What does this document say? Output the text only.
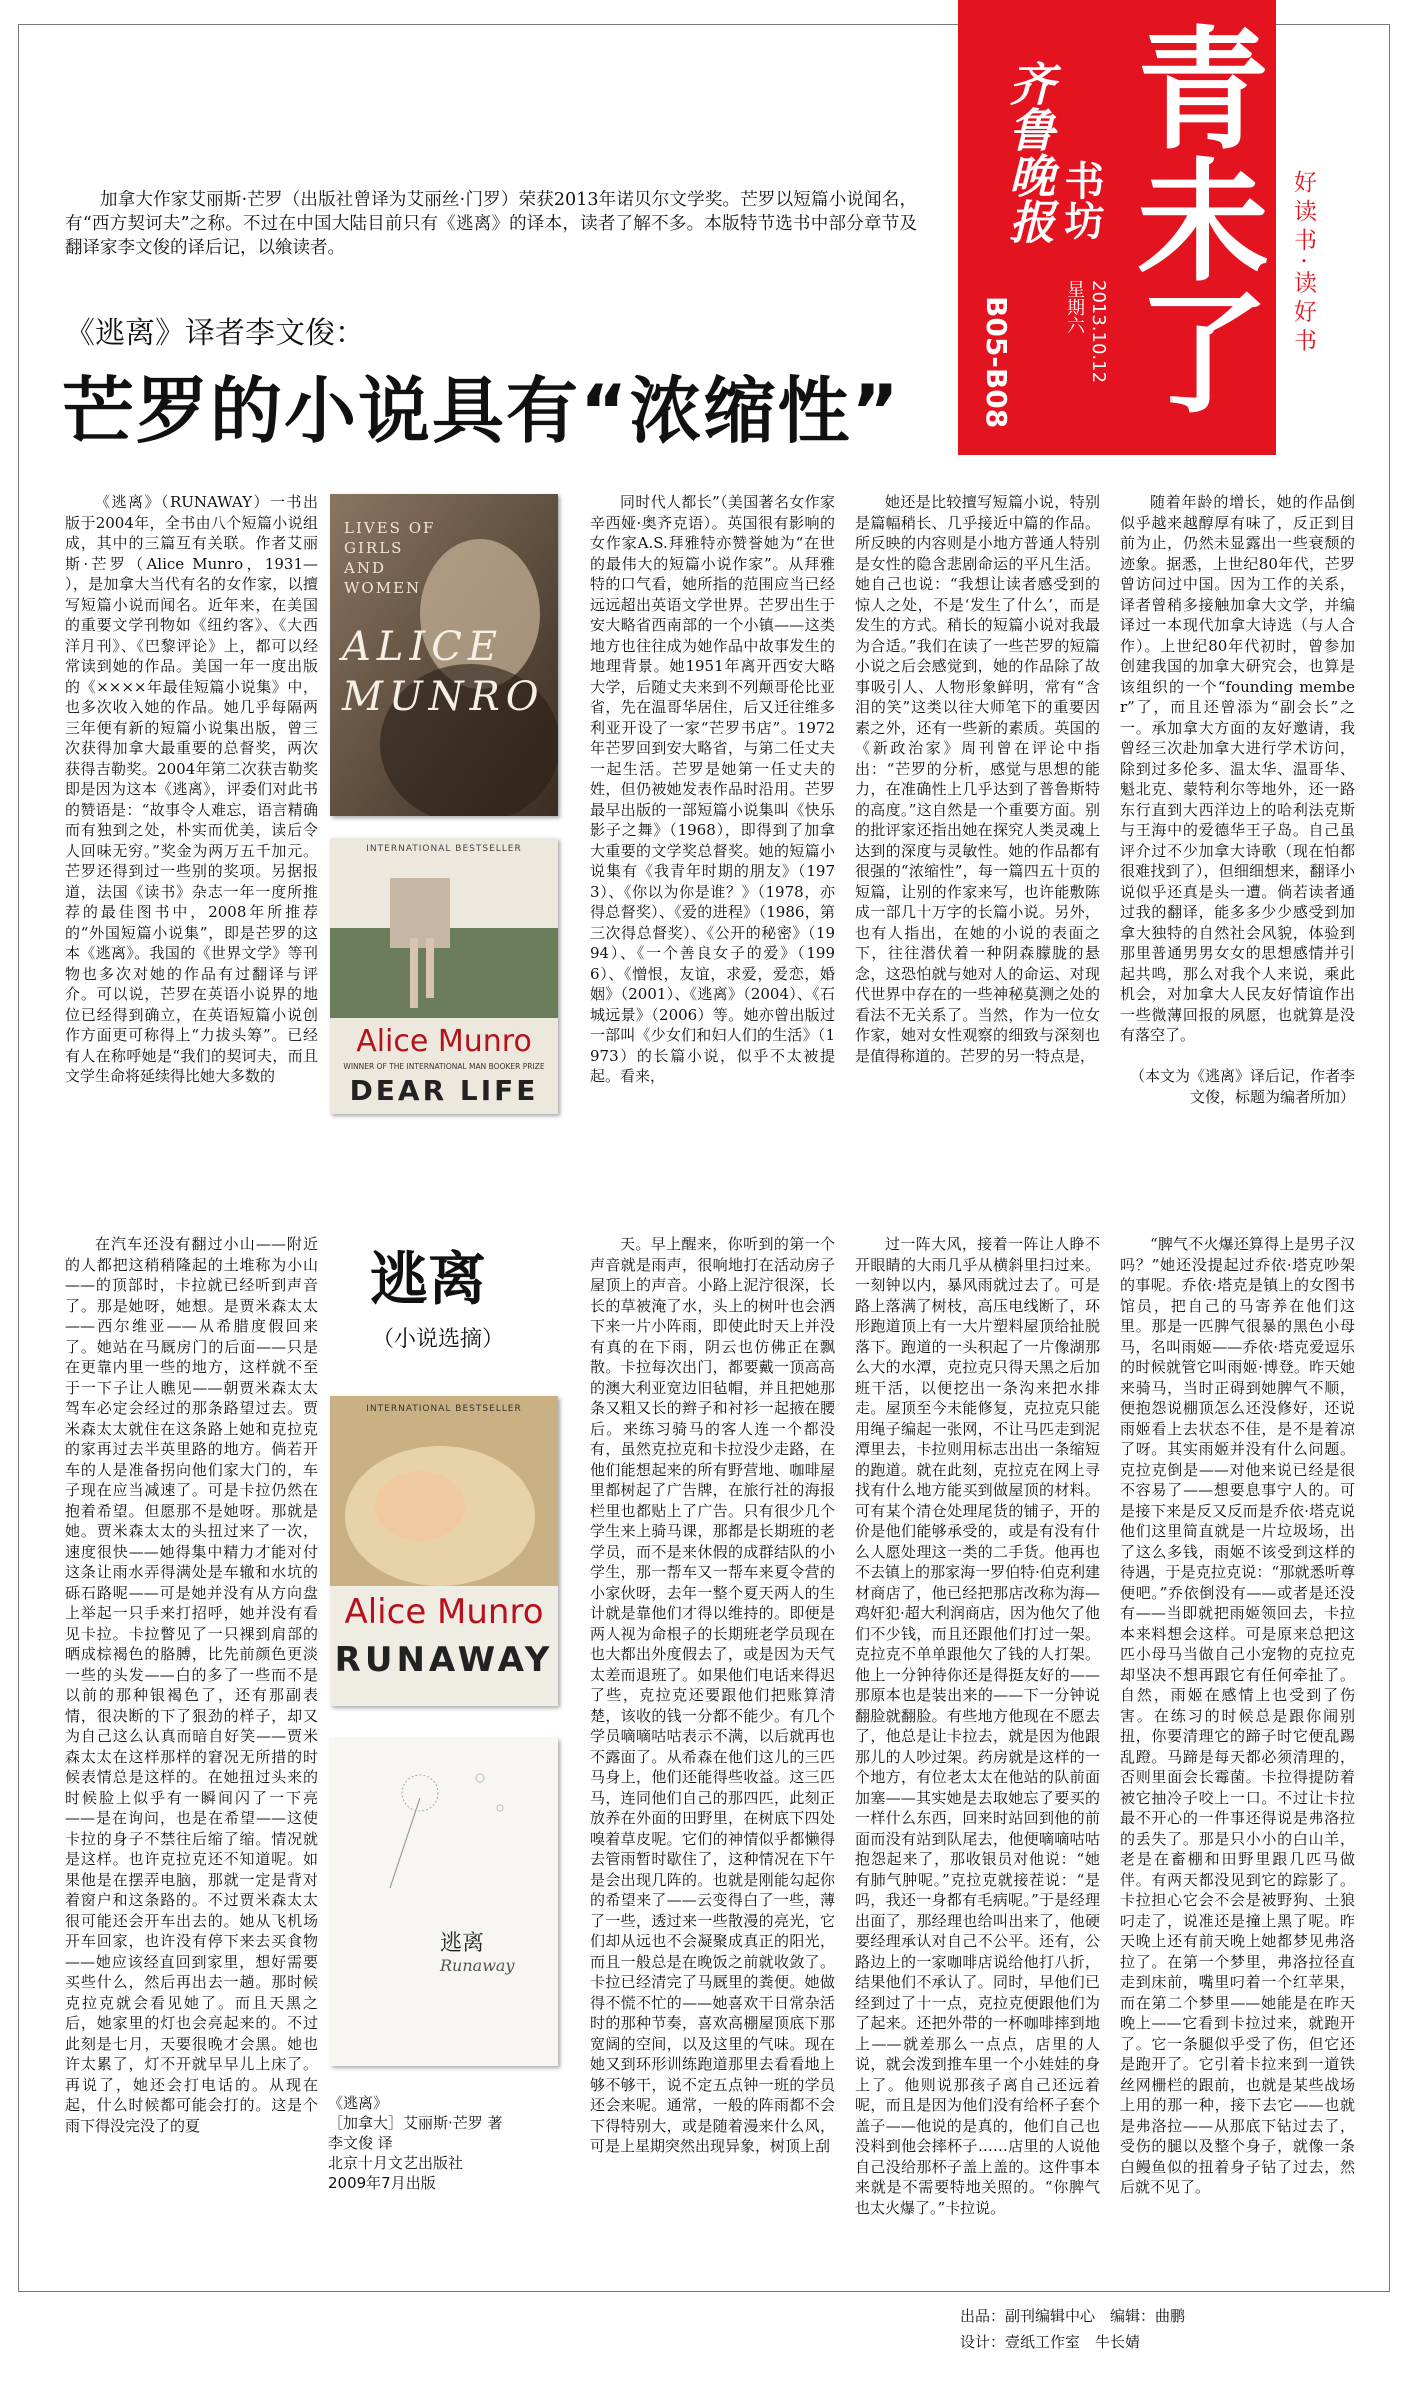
青未了
齐鲁晚报 书坊
星期六 2013.10.12
B05-B08
好读书·读好书
加拿大作家艾丽斯·芒罗（出版社曾译为艾丽丝·门罗）荣获2013年诺贝尔文学奖。芒罗以短篇小说闻名，有“西方契诃夫”之称。不过在中国大陆目前只有《逃离》的译本，读者了解不多。本版特节选书中部分章节及翻译家李文俊的译后记，以飨读者。
《逃离》译者李文俊：
芒罗的小说具有“浓缩性”

《逃离》（RUNAWAY）一书出版于2004年，全书由八个短篇小说组成，其中的三篇互有关联。作者艾丽斯·芒罗（Alice Munro，1931— ），是加拿大当代有名的女作家，以擅写短篇小说而闻名。近年来，在美国的重要文学刊物如《纽约客》、《大西洋月刊》、《巴黎评论》上，都可以经常读到她的作品。美国一年一度出版的《××××年最佳短篇小说集》中，也多次收入她的作品。她几乎每隔两三年便有新的短篇小说集出版，曾三次获得加拿大最重要的总督奖，两次获得吉勒奖。2004年第二次获吉勒奖即是因为这本《逃离》，评委们对此书的赞语是：“故事令人难忘，语言精确而有独到之处，朴实而优美，读后令人回味无穷。”奖金为两万五千加元。芒罗还得到过一些别的奖项。另据报道，法国《读书》杂志一年一度所推荐的最佳图书中，2008年所推荐的“外国短篇小说集”，即是芒罗的这本《逃离》。我国的《世界文学》等刊物也多次对她的作品有过翻译与评介。可以说，芒罗在英语小说界的地位已经得到确立，在英语短篇小说创作方面更可称得上“力拔头筹”。已经有人在称呼她是“我们的契诃夫，而且文学生命将延续得比她大多数的

同时代人都长”（美国著名女作家辛西娅·奥齐克语）。英国很有影响的女作家A.S.拜雅特亦赞誉她为“在世的最伟大的短篇小说作家”。从拜雅特的口气看，她所指的范围应当已经远远超出英语文学世界。芒罗出生于安大略省西南部的一个小镇——这类地方也往往成为她作品中故事发生的地理背景。她1951年离开西安大略大学，后随丈夫来到不列颠哥伦比亚省，先在温哥华居住，后又迁往维多利亚开设了一家“芒罗书店”。1972年芒罗回到安大略省，与第二任丈夫一起生活。芒罗是她第一任丈夫的姓，但仍被她发表作品时沿用。芒罗最早出版的一部短篇小说集叫《快乐影子之舞》（1968），即得到了加拿大重要的文学奖总督奖。她的短篇小说集有《我青年时期的朋友》（1973）、《你以为你是谁？》（1978，亦得总督奖）、《爱的进程》（1986，第三次得总督奖）、《公开的秘密》（1994）、《一个善良女子的爱》（1996）、《憎恨，友谊，求爱，爱恋，婚姻》（2001）、《逃离》（2004）、《石城远景》（2006）等。她亦曾出版过一部叫《少女们和妇人们的生活》（1973）的长篇小说，似乎不太被提起。看来，

她还是比较擅写短篇小说，特别是篇幅稍长、几乎接近中篇的作品。所反映的内容则是小地方普通人特别是女性的隐含悲剧命运的平凡生活。她自己也说：“我想让读者感受到的惊人之处，不是‘发生了什么’，而是发生的方式。稍长的短篇小说对我最为合适。”我们在读了一些芒罗的短篇小说之后会感觉到，她的作品除了故事吸引人、人物形象鲜明，常有“含泪的笑”这类以往大师笔下的重要因素之外，还有一些新的素质。英国的《新政治家》周刊曾在评论中指出：“芒罗的分析，感觉与思想的能力，在准确性上几乎达到了普鲁斯特的高度。”这自然是一个重要方面。别的批评家还指出她在探究人类灵魂上达到的深度与灵敏性。她的作品都有很强的“浓缩性”，每一篇四五十页的短篇，让别的作家来写，也许能敷陈成一部几十万字的长篇小说。另外，也有人指出，在她的小说的表面之下，往往潜伏着一种阴森朦胧的悬念，这恐怕就与她对人的命运、对现代世界中存在的一些神秘莫测之处的看法不无关系了。当然，作为一位女作家，她对女性观察的细致与深刻也是值得称道的。芒罗的另一特点是，

随着年龄的增长，她的作品倒似乎越来越醇厚有味了，反正到目前为止，仍然未显露出一些衰颓的迹象。据悉，上世纪80年代，芒罗曾访问过中国。因为工作的关系，译者曾稍多接触加拿大文学，并编译过一本现代加拿大诗选（与人合作）。上世纪80年代初时，曾参加创建我国的加拿大研究会，也算是该组织的一个“founding member”了，而且还曾添为“副会长”之一。承加拿大方面的友好邀请，我曾经三次赴加拿大进行学术访问，除到过多伦多、温太华、温哥华、魁北克、蒙特利尔等地外，还一路东行直到大西洋边上的哈利法克斯与王海中的爱德华王子岛。自己虽评介过不少加拿大诗歌（现在怕都很难找到了），但细细想来，翻译小说似乎还真是头一遭。倘若读者通过我的翻译，能多多少少感受到加拿大独特的自然社会风貌，体验到那里普通男男女女的思想感情并引起共鸣，那么对我个人来说，乘此机会，对加拿大人民友好情谊作出一些微薄回报的夙愿，也就算是没有落空了。

（本文为《逃离》译后记，作者李文俊，标题为编者所加）
LIVES OF
GIRLS
AND
WOMEN
ALICE
MUNRO
INTERNATIONAL BESTSELLER
Alice Munro
WINNER OF THE INTERNATIONAL MAN BOOKER PRIZE
DEAR LIFE
逃离
（小说选摘）
INTERNATIONAL BESTSELLER
Alice Munro
RUNAWAY
逃离
Runaway
《逃离》
［加拿大］艾丽斯·芒罗 著
李文俊 译
北京十月文艺出版社
2009年7月出版

在汽车还没有翻过小山——附近的人都把这稍稍隆起的土堆称为小山——的顶部时，卡拉就已经听到声音了。那是她呀，她想。是贾米森太太——西尔维亚——从希腊度假回来了。她站在马厩房门的后面——只是在更靠内里一些的地方，这样就不至于一下子让人瞧见——朝贾米森太太驾车必定会经过的那条路望过去。贾米森太太就住在这条路上她和克拉克的家再过去半英里路的地方。倘若开车的人是准备拐向他们家大门的，车子现在应当减速了。可是卡拉仍然在抱着希望。但愿那不是她呀。那就是她。贾米森太太的头扭过来了一次，速度很快——她得集中精力才能对付这条让雨水弄得满处是车辙和水坑的砾石路呢——可是她并没有从方向盘上举起一只手来打招呼，她并没有看见卡拉。卡拉瞥见了一只裸到肩部的晒成棕褐色的胳膊，比先前颜色更淡一些的头发——白的多了一些而不是以前的那种银褐色了，还有那副表情，很决断的下了狠劲的样子，却又为自己这么认真而暗自好笑——贾米森太太在这样那样的窘况无所措的时候表情总是这样的。在她扭过头来的时候脸上似乎有一瞬间闪了一下亮——是在询问，也是在希望——这使卡拉的身子不禁往后缩了缩。情况就是这样。也许克拉克还不知道呢。如果他是在摆弄电脑，那就一定是背对着窗户和这条路的。不过贾米森太太很可能还会开车出去的。她从飞机场开车回家，也许没有停下来去买食物——她应该经直回到家里，想好需要买些什么，然后再出去一趟。那时候克拉克就会看见她了。而且天黑之后，她家里的灯也会亮起来的。不过此刻是七月，天要很晚才会黑。她也许太累了，灯不开就早早儿上床了。再说了，她还会打电话的。从现在起，什么时候都可能会打的。这是个雨下得没完没了的夏

天。早上醒来，你听到的第一个声音就是雨声，很响地打在活动房子屋顶上的声音。小路上泥泞很深，长长的草被淹了水，头上的树叶也会洒下来一片小阵雨，即使此时天上并没有真的在下雨，阴云也仿佛正在飘散。卡拉每次出门，都要戴一顶高高的澳大利亚宽边旧毡帽，并且把她那条又粗又长的辫子和衬衫一起掖在腰后。来练习骑马的客人连一个都没有，虽然克拉克和卡拉没少走路，在他们能想起来的所有野营地、咖啡屋里都树起了广告牌，在旅行社的海报栏里也都贴上了广告。只有很少几个学生来上骑马课，那都是长期班的老学员，而不是来休假的成群结队的小学生，那一帮车又一帮车来夏令营的小家伙呀，去年一整个夏天两人的生计就是靠他们才得以维持的。即便是两人视为命根子的长期班老学员现在也大都出外度假去了，或是因为天气太差而退班了。如果他们电话来得迟了些，克拉克还要跟他们把账算清楚，该收的钱一分都不能少。有几个学员嘀嘀咕咕表示不满，以后就再也不露面了。从希森在他们这儿的三匹马身上，他们还能得些收益。这三匹马，连同他们自己的那四匹，此刻正放养在外面的田野里，在树底下四处嗅着草皮呢。它们的神情似乎都懒得去管雨暂时歇住了，这种情况在下午是会出现几阵的。也就是刚能勾起你的希望来了——云变得白了一些，薄了一些，透过来一些散漫的亮光，它们却从远也不会凝聚成真正的阳光，而且一般总是在晚饭之前就收敛了。卡拉已经清完了马厩里的粪便。她做得不慌不忙的——她喜欢干日常杂活时的那种节奏，喜欢高棚屋顶底下那宽阔的空间，以及这里的气味。现在她又到环形训练跑道那里去看看地上够不够干，说不定五点钟一班的学员还会来呢。通常，一般的阵雨都不会下得特别大，或是随着漫来什么风，可是上星期突然出现异象，树顶上刮

过一阵大风，接着一阵让人睁不开眼睛的大雨几乎从横斜里扫过来。一刻钟以内，暴风雨就过去了。可是路上落满了树枝，高压电线断了，环形跑道顶上有一大片塑料屋顶给扯脱落下。跑道的一头积起了一片像湖那么大的水潭，克拉克只得天黑之后加班干活，以便挖出一条沟来把水排走。屋顶至今未能修复，克拉克只能用绳子编起一张网，不让马匹走到泥潭里去，卡拉则用标志出出一条缩短的跑道。就在此刻，克拉克在网上寻找有什么地方能买到做屋顶的材料。可有某个清仓处理尾货的铺子，开的价是他们能够承受的，或是有没有什么人愿处理这一类的二手货。他再也不去镇上的那家海一罗伯特·伯克利建材商店了，他已经把那店改称为海—鸡奸犯·超大利润商店，因为他欠了他们不少钱，而且还跟他们打过一架。克拉克不单单跟他欠了钱的人打架。他上一分钟待你还是得挺友好的——那原本也是装出来的——下一分钟说翻脸就翻脸。有些地方他现在不愿去了，他总是让卡拉去，就是因为他跟那儿的人吵过架。药房就是这样的一个地方，有位老太太在他站的队前面加塞——其实她是去取她忘了要买的一样什么东西，回来时站回到他的前面而没有站到队尾去，他便嘀嘀咕咕抱怨起来了，那收银员对他说：“她有肺气肿呢。”克拉克就接茬说：“是吗，我还一身都有毛病呢。”于是经理出面了，那经理也给叫出来了，他硬要经理承认对自己不公平。还有，公路边上的一家咖啡店说给他打八折，结果他们不承认了。同时，早他们已经到过了十一点，克拉克便跟他们为了起来。还把外带的一杯咖啡摔到地上——就差那么一点点，店里的人说，就会泼到推车里一个小娃娃的身上了。他则说那孩子离自己还远着呢，而且是因为他们没有给杯子套个盖子——他说的是真的，他们自己也没料到他会摔杯子……店里的人说他自己没给那杯子盖上盖的。这件事本来就是不需要特地关照的。“你脾气也太火爆了。”卡拉说。

“脾气不火爆还算得上是男子汉吗？”她还没提起过乔依·塔克吵架的事呢。乔依·塔克是镇上的女图书馆员，把自己的马寄养在他们这里。那是一匹脾气很暴的黑色小母马，名叫雨姬——乔依·塔克爱逗乐的时候就管它叫雨姬·博登。昨天她来骑马，当时正碍到她脾气不顺，便抱怨说棚顶怎么还没修好，还说雨姬看上去状态不佳，是不是着凉了呀。其实雨姬并没有什么问题。克拉克倒是——对他来说已经是很不容易了——想要息事宁人的。可是接下来是反又反而是乔依·塔克说他们这里简直就是一片垃圾场，出了这么多钱，雨姬不该受到这样的待遇，于是克拉克说：“那就悉听尊便吧。”乔依倒没有——或者是还没有——当即就把雨姬领回去，卡拉本来料想会这样。可是原来总把这匹小母马当做自己小宠物的克拉克却坚决不想再跟它有任何牵扯了。自然，雨姬在感情上也受到了伤害。在练习的时候总是跟你闹别扭，你要清理它的蹄子时它便乱踢乱蹬。马蹄是每天都必须清理的，否则里面会长霉菌。卡拉得提防着被它抽冷子咬上一口。不过让卡拉最不开心的一件事还得说是弗洛拉的丢失了。那是只小小的白山羊，老是在畜棚和田野里跟几匹马做伴。有两天都没见到它的踪影了。卡拉担心它会不会是被野狗、土狼叼走了，说准还是撞上黑了呢。昨天晚上还有前天晚上她都梦见弗洛拉了。在第一个梦里，弗洛拉径直走到床前，嘴里叼着一个红苹果，而在第二个梦里——她能是在昨天晚上——它看到卡拉过来，就跑开了。它一条腿似乎受了伤，但它还是跑开了。它引着卡拉来到一道铁丝网栅栏的跟前，也就是某些战场上用的那一种，接下去它——也就是弗洛拉——从那底下钻过去了，受伤的腿以及整个身子，就像一条白鳗鱼似的扭着身子钻了过去，然后就不见了。

出品：副刊编辑中心　编辑：曲鹏
设计：壹纸工作室　牛长婧
